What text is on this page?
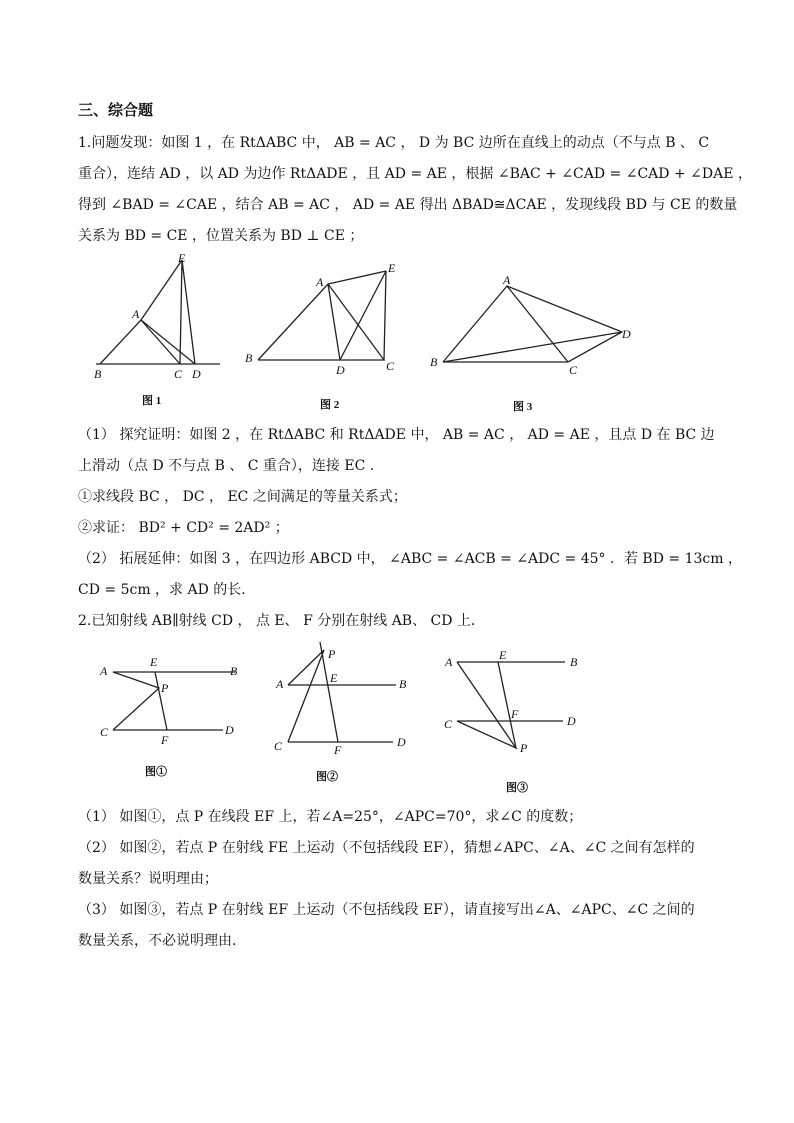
三、综合题
1.问题发现：如图 1 ，在 RtΔABC 中， AB = AC ， D 为 BC 边所在直线上的动点（不与点 B 、 C
重合），连结 AD ，以 AD 为边作 RtΔADE ，且 AD = AE ，根据 ∠BAC + ∠CAD = ∠CAD + ∠DAE ，
得到 ∠BAD = ∠CAE ，结合 AB = AC ， AD = AE 得出 ΔBAD≅ΔCAE ，发现线段 BD 与 CE 的数量
关系为 BD = CE ，位置关系为 BD ⊥ CE ；
A
B	C D
E
图 1
A
B
C
D
E
图 2
A
B
C
D
图 3
（1） 探究证明：如图 2 ，在 RtΔABC 和 RtΔADE 中， AB = AC ， AD = AE ，且点 D 在 BC 边
上滑动（点 D 不与点 B 、 C 重合），连接 EC .
①求线段 BC ， DC ， EC 之间满足的等量关系式；
②求证： BD² + CD² = 2AD² ；
（2） 拓展延伸：如图 3 ，在四边形 ABCD 中， ∠ABC = ∠ACB = ∠ADC = 45° ．若 BD = 13cm ，
CD = 5cm ，求 AD 的长．
2.已知射线 AB∥射线 CD ， 点 E、 F 分别在射线 AB、 CD 上．
A	B
C	D
E
F
P
图①
A	B
C	D
E
F
P
图②
A	B
C	D
E
F
P
图③
（1） 如图①，点 P 在线段 EF 上，若∠A=25°，∠APC=70°，求∠C 的度数；
（2） 如图②，若点 P 在射线 FE 上运动（不包括线段 EF），猜想∠APC、∠A、∠C 之间有怎样的
数量关系？说明理由；
（3） 如图③，若点 P 在射线 EF 上运动（不包括线段 EF），请直接写出∠A、∠APC、∠C 之间的
数量关系，不必说明理由．
